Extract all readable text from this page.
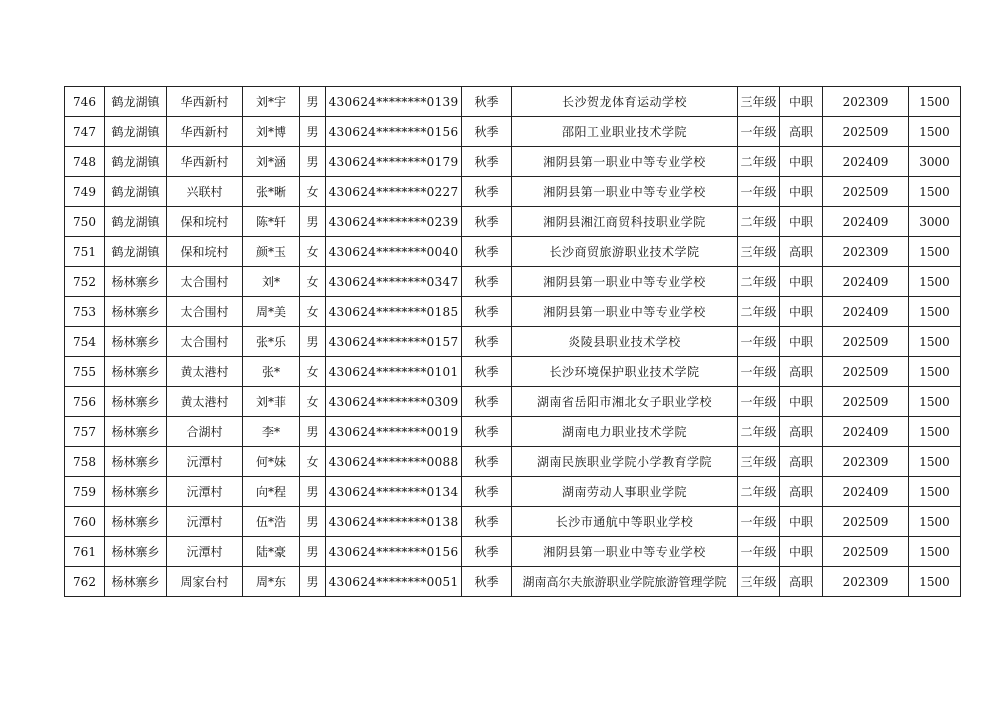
746	鹤龙湖镇	华西新村	刘*宇	男	430624********0139	秋季	长沙贺龙体育运动学校	三年级	中职	202309	1500
747	鹤龙湖镇	华西新村	刘*博	男	430624********0156	秋季	邵阳工业职业技术学院	一年级	高职	202509	1500
748	鹤龙湖镇	华西新村	刘*涵	男	430624********0179	秋季	湘阴县第一职业中等专业学校	二年级	中职	202409	3000
749	鹤龙湖镇	兴联村	张*晰	女	430624********0227	秋季	湘阴县第一职业中等专业学校	一年级	中职	202509	1500
750	鹤龙湖镇	保和垸村	陈*轩	男	430624********0239	秋季	湘阴县湘江商贸科技职业学院	二年级	中职	202409	3000
751	鹤龙湖镇	保和垸村	颜*玉	女	430624********0040	秋季	长沙商贸旅游职业技术学院	三年级	高职	202309	1500
752	杨林寨乡	太合围村	刘*	女	430624********0347	秋季	湘阴县第一职业中等专业学校	二年级	中职	202409	1500
753	杨林寨乡	太合围村	周*美	女	430624********0185	秋季	湘阴县第一职业中等专业学校	二年级	中职	202409	1500
754	杨林寨乡	太合围村	张*乐	男	430624********0157	秋季	炎陵县职业技术学校	一年级	中职	202509	1500
755	杨林寨乡	黄太港村	张*	女	430624********0101	秋季	长沙环境保护职业技术学院	一年级	高职	202509	1500
756	杨林寨乡	黄太港村	刘*菲	女	430624********0309	秋季	湖南省岳阳市湘北女子职业学校	一年级	中职	202509	1500
757	杨林寨乡	合湖村	李*	男	430624********0019	秋季	湖南电力职业技术学院	二年级	高职	202409	1500
758	杨林寨乡	沅潭村	何*妹	女	430624********0088	秋季	湖南民族职业学院小学教育学院	三年级	高职	202309	1500
759	杨林寨乡	沅潭村	向*程	男	430624********0134	秋季	湖南劳动人事职业学院	二年级	高职	202409	1500
760	杨林寨乡	沅潭村	伍*浩	男	430624********0138	秋季	长沙市通航中等职业学校	一年级	中职	202509	1500
761	杨林寨乡	沅潭村	陆*豪	男	430624********0156	秋季	湘阴县第一职业中等专业学校	一年级	中职	202509	1500
762	杨林寨乡	周家台村	周*东	男	430624********0051	秋季	湖南高尔夫旅游职业学院旅游管理学院	三年级	高职	202309	1500
